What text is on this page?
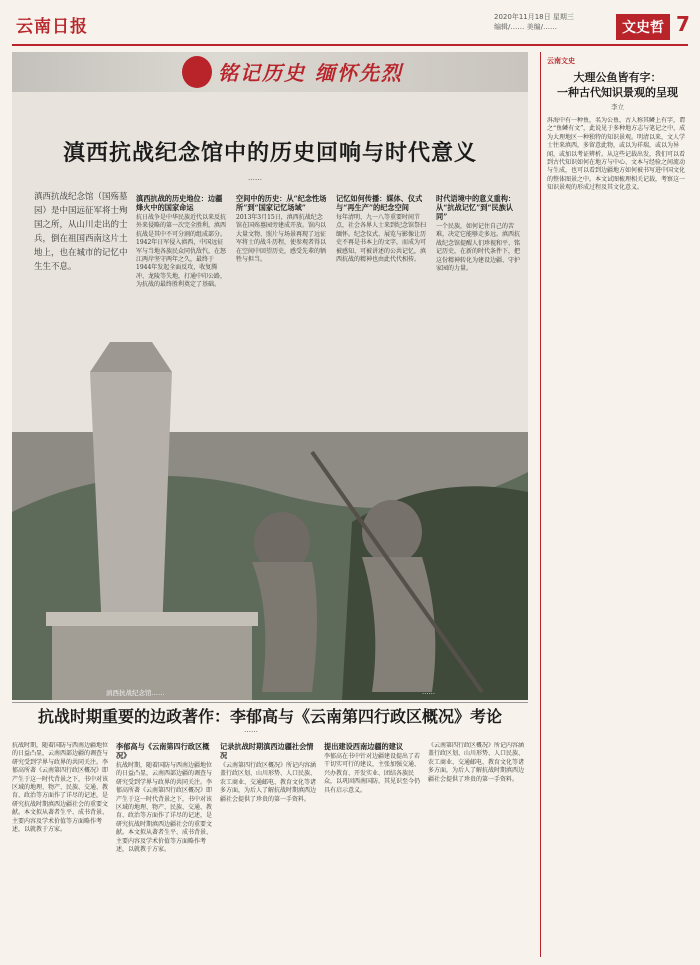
云南日报	2020年11月18日 星期三
编辑/…… 美编/……	文史哲 7
铭记历史 缅怀先烈
滇西抗战纪念馆中的历史回响与时代意义
……
滇西抗战纪念馆（国殇墓园）是中国远征军将士殉国之所，从山川走出的士兵，倒在祖国西南这片土地上，也在城市的记忆中生生不息。
滇西抗战的历史地位：边疆烽火中的国家命运
抗日战争是中华民族近代以来反抗外来侵略的第一次完全胜利，滇西抗战是其中不可分割的组成部分。1942年日军侵入滇西，中国远征军与当地各族民众同仇敌忾，在怒江两岸坚守两年之久，最终于1944年发起全面反攻，收复腾冲、龙陵等失地，打通中印公路，为抗战的最终胜利奠定了基础。
空间中的历史：从“纪念性场所”到“国家记忆场域”
2013年3月15日，滇西抗战纪念馆在国殇墓园旁建成开放。馆内以大量文物、照片与场景再现了远征军将士的战斗历程，使参观者得以在空间中回望历史，感受先辈的牺牲与担当。
记忆如何传播：媒体、仪式与“再生产”的纪念空间
每年清明、九一八等重要时间节点，社会各界人士来到纪念馆祭扫缅怀。纪念仪式、展览与影像让历史不再是书本上的文字，而成为可被感知、可被讲述的公共记忆，滇西抗战的精神也由此代代相传。
时代语境中的意义重构：从“抗战记忆”到“民族认同”
一个民族，如何记住自己的苦难，决定它能够走多远。滇西抗战纪念馆提醒人们珍视和平、铭记历史，在新的时代条件下，把这份精神转化为建设边疆、守护家园的力量。
滇西抗战纪念馆……	……
抗战时期重要的边政著作：李郁高与《云南第四行政区概况》考论
……
抗战时期，随着国防与西南边疆地位的日益凸显，云南西部边疆的调查与研究受到学界与政界的共同关注。李郁高所著《云南第四行政区概况》即产生于这一时代背景之下，书中对该区域的地理、物产、民族、交通、教育、政治等方面作了详尽的记述，是研究抗战时期滇西边疆社会的重要文献。本文拟从著者生平、成书背景、主要内容及学术价值等方面略作考述，以就教于方家。
李郁高与《云南第四行政区概况》
抗战时期，随着国防与西南边疆地位的日益凸显，云南西部边疆的调查与研究受到学界与政界的共同关注。李郁高所著《云南第四行政区概况》即产生于这一时代背景之下，书中对该区域的地理、物产、民族、交通、教育、政治等方面作了详尽的记述，是研究抗战时期滇西边疆社会的重要文献。本文拟从著者生平、成书背景、主要内容及学术价值等方面略作考述，以就教于方家。
记录抗战时期滇西边疆社会情况
《云南第四行政区概况》所记内容涵盖行政区划、山川形势、人口民族、农工商业、交通邮电、教育文化等诸多方面，为后人了解抗战时期滇西边疆社会提供了珍贵的第一手资料。
提出建设西南边疆的建议
李郁高在书中针对边疆建设提出了若干切实可行的建议，主张加强交通、兴办教育、开发实业、团结各族民众，以巩固西南国防，其见识至今仍具有启示意义。
《云南第四行政区概况》所记内容涵盖行政区划、山川形势、人口民族、农工商业、交通邮电、教育文化等诸多方面，为后人了解抗战时期滇西边疆社会提供了珍贵的第一手资料。
云南文史
大理公鱼皆有字：
一种古代知识景观的呈现
李立
洱海中有一种鱼，名为公鱼，古人称其鳞上有字，谓之“鱼鳞有文”，此说见于多种地方志与笔记之中，成为大理地区一种独特的知识景观。明清以来，文人学士往来滇西，多留意此物，或以为祥瑞，或以为异闻，或加以考证辨析。从这些记载出发，我们可以看到古代知识如何在地方与中心、文本与经验之间流动与生成，也可以看到边疆地方如何被书写进中国文化的整体图景之中。本文试图梳理相关记载，考察这一知识景观的形成过程及其文化意义。
